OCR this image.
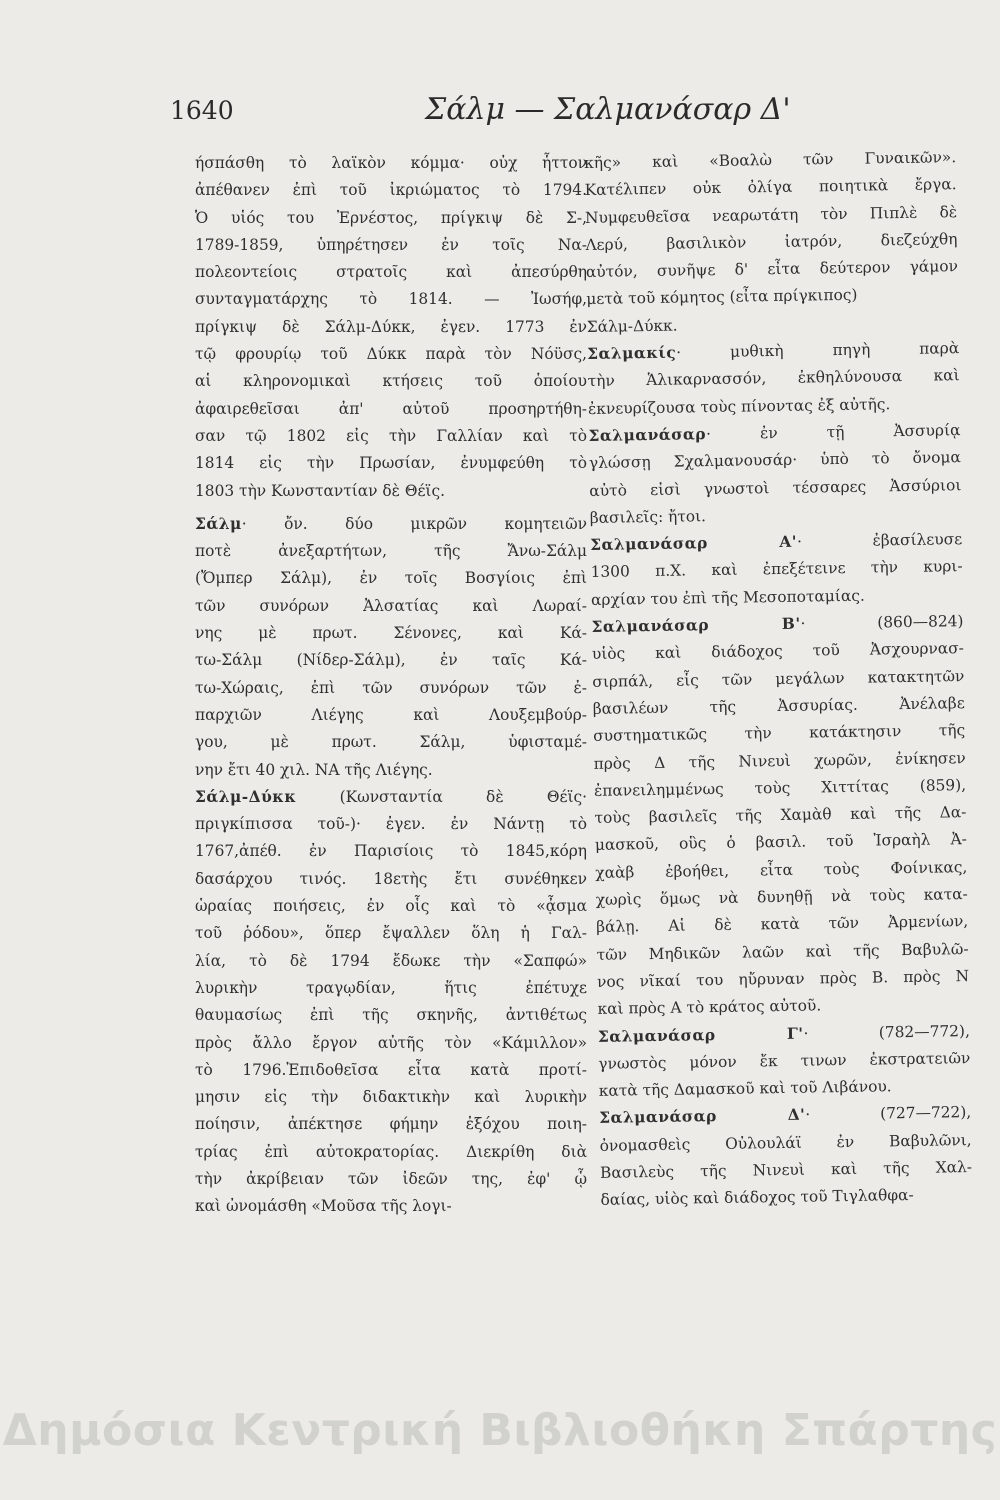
1640	Σάλμ — Σαλμανάσαρ Δ'
ήσπάσθη τὸ λαϊκὸν κόμμα· οὐχ ἧττον
ἀπέθανεν ἐπὶ τοῦ ἰκριώματος τὸ 1794.
Ὁ υἱός του Ἐρνέστος, πρίγκιψ δὲ Σ-,
1789-1859, ὑπηρέτησεν ἐν τοῖς Να-
πολεοντείοις στρατοῖς καὶ ἀπεσύρθη
συνταγματάρχης τὸ 1814. — Ἰωσήφ,
πρίγκιψ δὲ Σάλμ-Δύκκ, ἐγεν. 1773 ἐν
τῷ φρουρίῳ τοῦ Δύκκ παρὰ τὸν Νόϋσς,
αἱ κληρονομικαὶ κτήσεις τοῦ ὁποίου
ἀφαιρεθεῖσαι ἀπ' αὐτοῦ προσηρτήθη-
σαν τῷ 1802 εἰς τὴν Γαλλίαν καὶ τὸ
1814 εἰς τὴν Πρωσίαν, ἐνυμφεύθη τὸ
1803 τὴν Κωνσταντίαν δὲ Θέϊς.
Σάλμ· ὄν. δύο μικρῶν κομητειῶν
ποτὲ ἀνεξαρτήτων, τῆς Ἄνω-Σάλμ
(Ὄμπερ Σάλμ), ἐν τοῖς Βοσγίοις ἐπὶ
τῶν συνόρων Ἀλσατίας καὶ Λωραί-
νης μὲ πρωτ. Σένονες, καὶ Κά-
τω-Σάλμ (Νίδερ-Σάλμ), ἐν ταῖς Κά-
τω-Χώραις, ἐπὶ τῶν συνόρων τῶν ἐ-
παρχιῶν Λιέγης καὶ Λουξεμβούρ-
γου, μὲ πρωτ. Σάλμ, ὑφισταμέ-
νην ἔτι 40 χιλ. ΝΑ τῆς Λιέγης.
Σάλμ-Δύκκ (Κωνσταντία δὲ Θέϊς·
πριγκίπισσα τοῦ-)· ἐγεν. ἐν Νάντῃ τὸ
1767,ἀπέθ. ἐν Παρισίοις τὸ 1845,κόρη
δασάρχου τινός. 18ετὴς ἔτι συνέθηκεν
ὡραίας ποιήσεις, ἐν οἷς καὶ τὸ «ᾆσμα
τοῦ ῥόδου», ὅπερ ἔψαλλεν ὅλη ἡ Γαλ-
λία, τὸ δὲ 1794 ἔδωκε τὴν «Σαπφώ»
λυρικὴν τραγῳδίαν, ἥτις ἐπέτυχε
θαυμασίως ἐπὶ τῆς σκηνῆς, ἀντιθέτως
πρὸς ἄλλο ἔργον αὐτῆς τὸν «Κάμιλλον»
τὸ 1796.Ἐπιδοθεῖσα εἶτα κατὰ προτί-
μησιν εἰς τὴν διδακτικὴν καὶ λυρικὴν
ποίησιν, ἀπέκτησε φήμην ἐξόχου ποιη-
τρίας ἐπὶ αὐτοκρατορίας. Διεκρίθη διὰ
τὴν ἀκρίβειαν τῶν ἰδεῶν της, ἐφ' ᾧ
καὶ ὠνομάσθη «Μοῦσα τῆς λογι-
κῆς» καὶ «Βοαλὼ τῶν Γυναικῶν».
Κατέλιπεν οὐκ ὀλίγα ποιητικὰ ἔργα.
Νυμφευθεῖσα νεαρωτάτη τὸν Πιπλὲ δὲ
Λερύ, βασιλικὸν ἰατρόν, διεζεύχθη
αὐτόν, συνῆψε δ' εἶτα δεύτερον γάμον
μετὰ τοῦ κόμητος (εἶτα πρίγκιπος)
Σάλμ-Δύκκ.
Σαλμακίς· μυθικὴ πηγὴ παρὰ
τὴν Ἁλικαρνασσόν, ἐκθηλύνουσα καὶ
ἐκνευρίζουσα τοὺς πίνοντας ἐξ αὐτῆς.
Σαλμανάσαρ· ἐν τῇ Ἀσσυρίᾳ
γλώσσῃ Σχαλμανουσάρ· ὑπὸ τὸ ὄνομα
αὐτὸ εἰσὶ γνωστοὶ τέσσαρες Ἀσσύριοι
βασιλεῖς: ἤτοι.
Σαλμανάσαρ Α'· ἐβασίλευσε
1300 π.Χ. καὶ ἐπεξέτεινε τὴν κυρι-
αρχίαν του ἐπὶ τῆς Μεσοποταμίας.
Σαλμανάσαρ Β'· (860—824)
υἱὸς καὶ διάδοχος τοῦ Ἀσχουρνασ-
σιρπάλ, εἷς τῶν μεγάλων κατακτητῶν
βασιλέων τῆς Ἀσσυρίας. Ἀνέλαβε
συστηματικῶς τὴν κατάκτησιν τῆς
πρὸς Δ τῆς Νινευὶ χωρῶν, ἐνίκησεν
ἐπανειλημμένως τοὺς Χιττίτας (859),
τοὺς βασιλεῖς τῆς Χαμὰθ καὶ τῆς Δα-
μασκοῦ, οὓς ὁ βασιλ. τοῦ Ἰσραὴλ Ἀ-
χαὰβ ἐβοήθει, εἶτα τοὺς Φοίνικας,
χωρὶς ὅμως νὰ δυνηθῇ νὰ τοὺς κατα-
βάλῃ. Αἱ δὲ κατὰ τῶν Ἀρμενίων,
τῶν Μηδικῶν λαῶν καὶ τῆς Βαβυλῶ-
νος νῖκαί του ηὔρυναν πρὸς Β. πρὸς Ν
καὶ πρὸς Α τὸ κράτος αὐτοῦ.
Σαλμανάσαρ Γ'· (782—772),
γνωστὸς μόνον ἔκ τινων ἐκστρατειῶν
κατὰ τῆς Δαμασκοῦ καὶ τοῦ Λιβάνου.
Σαλμανάσαρ Δ'· (727—722),
ὀνομασθεὶς Οὐλουλάϊ ἐν Βαβυλῶνι,
Βασιλεὺς τῆς Νινευὶ καὶ τῆς Χαλ-
δαίας, υἱὸς καὶ διάδοχος τοῦ Τιγλαθφα-
Δημόσια Κεντρική Βιβλιοθήκη Σπάρτης
